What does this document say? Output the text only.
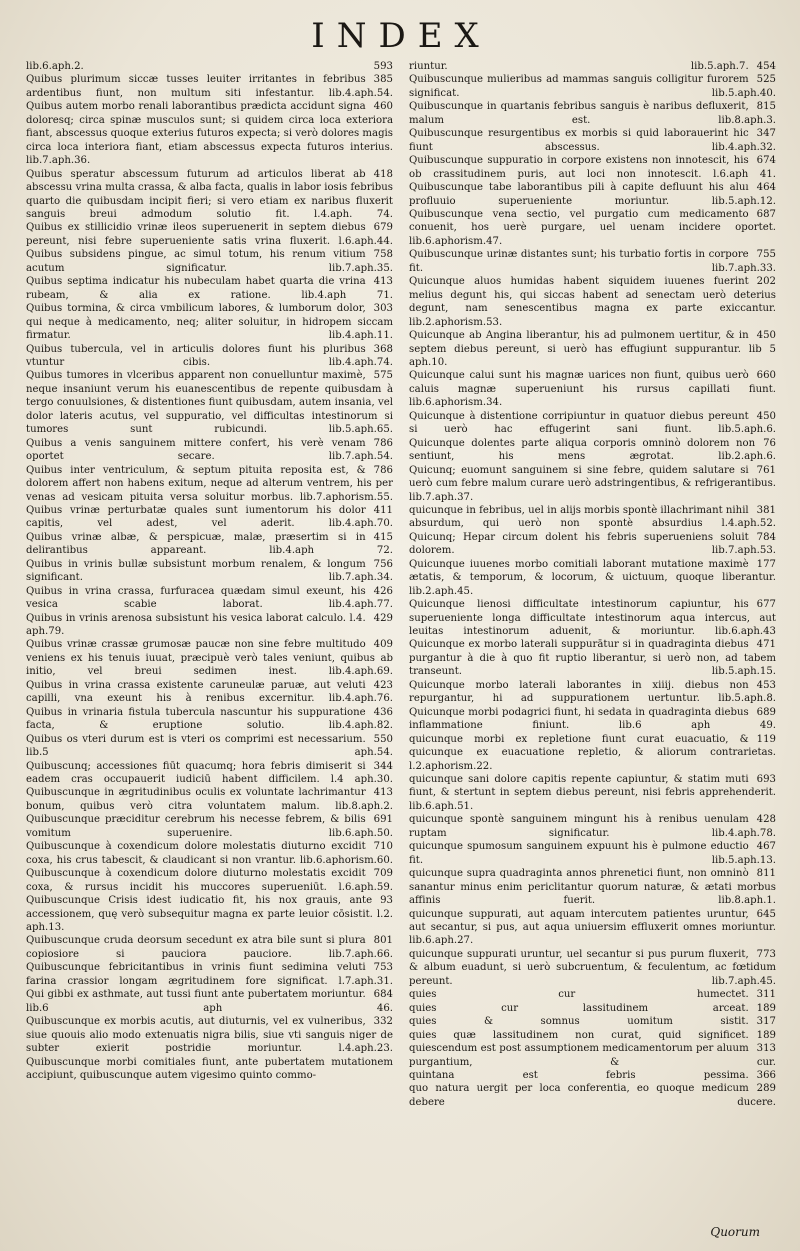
INDEX
593
lib.6.aph.2.
385
Quibus plurimum siccæ tusses leuiter irritantes in febribus ardentibus fiunt, non multum siti infestantur. lib.4.aph.54.
460
Quibus autem morbo renali laborantibus prædicta accidunt signa doloresq; circa spinæ musculos sunt; si quidem circa loca exteriora fiant, abscessus quoque exterius futuros expecta; si verò dolores magis circa loca interiora fiant, etiam abscessus expecta futuros interius. lib.7.aph.36.
418
Quibus speratur abscessum futurum ad articulos liberat ab abscessu vrina multa crassa, & alba facta, qualis in labor iosis febribus quarto die quibusdam incipit fieri; si vero etiam ex naribus fluxerit sanguis breui admodum solutio fit. l.4.aph. 74.
679
Quibus ex stillicidio vrinæ ileos superuenerit in septem diebus pereunt, nisi febre superueniente satis vrina fluxerit. l.6.aph.44.
758
Quibus subsidens pingue, ac simul totum, his renum vitium acutum significatur. lib.7.aph.35.
413
Quibus septima indicatur his nubeculam habet quarta die vrina rubeam, & alia ex ratione. lib.4.aph 71.
303
Quibus tormina, & circa vmbilicum labores, & lumborum dolor, qui neque à medicamento, neq; aliter soluitur, in hidropem siccam firmatur. lib.4.aph.11.
368
Quibus tubercula, vel in articulis dolores fiunt his pluribus vtuntur cibis. lib.4.aph.74.
575
Quibus tumores in vlceribus apparent non conuelluntur maximè, neque insaniunt verum his euanescentibus de repente quibusdam à tergo conuulsiones, & distentiones fiunt quibusdam, autem insania, vel dolor lateris acutus, vel suppuratio, vel difficultas intestinorum si tumores sunt rubicundi. lib.5.aph.65.
786
Quibus a venis sanguinem mittere confert, his verè venam oportet secare. lib.7.aph.54.
786
Quibus inter ventriculum, & septum pituita reposita est, & dolorem affert non habens exitum, neque ad alterum ventrem, his per venas ad vesicam pituita versa soluitur morbus. lib.7.aphorism.55.
411
Quibus vrinæ perturbatæ quales sunt iumentorum his dolor capitis, vel adest, vel aderit. lib.4.aph.70.
415
Quibus vrinæ albæ, & perspicuæ, malæ, præsertim si in delirantibus appareant. lib.4.aph 72.
756
Quibus in vrinis bullæ subsistunt morbum renalem, & longum significant. lib.7.aph.34.
426
Quibus in vrina crassa, furfuracea quædam simul exeunt, his vesica scabie laborat. lib.4.aph.77.
429
Quibus in vrinis arenosa subsistunt his vesica laborat calculo. l.4. aph.79.
409
Quibus vrinæ crassæ grumosæ paucæ non sine febre multitudo veniens ex his tenuis iuuat, præcipuè verò tales veniunt, quibus ab initio, vel breui sedimen inest. lib.4.aph.69.
423
Quibus in vrina crassa existente caruneulæ paruæ, aut veluti capilli, vna exeunt his à renibus excernitur. lib.4.aph.76.
436
Quibus in vrinaria fistula tubercula nascuntur his suppuratione facta, & eruptione solutio. lib.4.aph.82.
550
Quibus os vteri durum est is vteri os comprimi est necessarium. lib.5 aph.54.
344
Quibuscunq; accessiones fiūt quacumq; hora febris dimiserit si eadem cras occupauerit iudiciū habent difficilem. l.4 aph.30.
413
Quibuscunque in ægritudinibus oculis ex voluntate lachrimantur bonum, quibus verò citra voluntatem malum. lib.8.aph.2.
691
Quibuscunque præciditur cerebrum his necesse febrem, & bilis vomitum superuenire. lib.6.aph.50.
710
Quibuscunque à coxendicum dolore molestatis diuturno excidit coxa, his crus tabescit, & claudicant si non vrantur. lib.6.aphorism.60.
709
Quibuscunque à coxendicum dolore diuturno molestatis excidit coxa, & rursus incidit his muccores superueniūt. l.6.aph.59.
93
Quibuscunque Crisis idest iudicatio fit, his nox grauis, ante accessionem, quę verò subsequitur magna ex parte leuior cōsistit. l.2. aph.13.
801
Quibuscunque cruda deorsum secedunt ex atra bile sunt si plura copiosiore si pauciora pauciore. lib.7.aph.66.
753
Quibuscunque febricitantibus in vrinis fiunt sedimina veluti farina crassior longam ægritudinem fore significat. l.7.aph.31.
684
Qui gibbi ex asthmate, aut tussi fiunt ante pubertatem moriuntur. lib.6 aph 46.
332
Quibuscunque ex morbis acutis, aut diuturnis, vel ex vulneribus, siue quouis alio modo extenuatis nigra bilis, siue vti sanguis niger de subter exierit postridie moriuntur. l.4.aph.23.
Quibuscunque morbi comitiales fiunt, ante pubertatem mutationem accipiunt, quibuscunque autem vigesimo quinto commo-
454
riuntur. lib.5.aph.7.
525
Quibuscunque mulieribus ad mammas sanguis colligitur furorem significat. lib.5.aph.40.
815
Quibuscunque in quartanis febribus sanguis è naribus defluxerit, malum est. lib.8.aph.3.
347
Quibuscunque resurgentibus ex morbis si quid laborauerint hic fiunt abscessus. lib.4.aph.32.
674
Quibuscunque suppuratio in corpore existens non innotescit, his ob crassitudinem puris, aut loci non innotescit. l.6.aph 41.
464
Quibuscunque tabe laborantibus pili à capite defluunt his aluı profluuio superueniente moriuntur. lib.5.aph.12.
687
Quibuscunque vena sectio, vel purgatio cum medicamento conuenit, hos uerè purgare, uel uenam incidere oportet. lib.6.aphorism.47.
755
Quibuscunque urinæ distantes sunt; his turbatio fortis in corpore fit. lib.7.aph.33.
202
Quicunque aluos humidas habent siquidem iuuenes fuerint melius degunt his, qui siccas habent ad senectam uerò deterius degunt, nam senescentibus magna ex parte exiccantur. lib.2.aphorism.53.
450
Quicunque ab Angina liberantur, his ad pulmonem uertitur, & in septem diebus pereunt, si uerò has effugiunt suppurantur. lib 5 aph.10.
660
Quicunque calui sunt his magnæ uarices non fiunt, quibus uerò caluis magnæ superueniunt his rursus capillati fiunt. lib.6.aphorism.34.
450
Quicunque à distentione corripiuntur in quatuor diebus pereunt si uerò hac effugerint sani fiunt. lib.5.aph.6.
76
Quicunque dolentes parte aliqua corporis omninò dolorem non sentiunt, his mens ægrotat. lib.2.aph.6.
761
Quicunq; euomunt sanguinem si sine febre, quidem salutare si uerò cum febre malum curare uerò adstringentibus, & refrigerantibus. lib.7.aph.37.
381
quicunque in febribus, uel in alijs morbis spontè illachrimant nihil absurdum, qui uerò non spontè absurdius l.4.aph.52.
784
Quicunq; Hepar circum dolent his febris superueniens soluit dolorem. lib.7.aph.53.
177
Quicunque iuuenes morbo comitiali laborant mutatione maximè ætatis, & temporum, & locorum, & uictuum, quoque liberantur. lib.2.aph.45.
677
Quicunque lienosi difficultate intestinorum capiuntur, his superueniente longa difficultate intestinorum aqua intercus, aut leuitas intestinorum aduenit, & moriuntur. lib.6.aph.43
471
Quicunque ex morbo laterali suppurātur si in quadraginta diebus purgantur à die à quo fit ruptio liberantur, si uerò non, ad tabem transeunt. lib.5.aph.15.
453
Quicunque morbo laterali laborantes in xiiij. diebus non repurgantur, hi ad suppurationem uertuntur. lib.5.aph.8.
689
Quicunque morbi podagrici fiunt, hi sedata in quadraginta diebus inflammatione finiunt. lib.6 aph 49.
119
quicunque morbi ex repletione fiunt curat euacuatio, & quicunque ex euacuatione repletio, & aliorum contrarietas. l.2.aphorism.22.
693
quicunque sani dolore capitis repente capiuntur, & statim muti fiunt, & stertunt in septem diebus pereunt, nisi febris apprehenderit. lib.6.aph.51.
428
quicunque spontè sanguinem mingunt his à renibus uenulam ruptam significatur. lib.4.aph.78.
467
quicunque spumosum sanguinem expuunt his è pulmone eductio fit. lib.5.aph.13.
811
quicunque supra quadraginta annos phrenetici fiunt, non omninò sanantur minus enim periclitantur quorum naturæ, & ætati morbus affinis fuerit. lib.8.aph.1.
645
quicunque suppurati, aut aquam intercutem patientes uruntur, aut secantur, si pus, aut aqua uniuersim effluxerit omnes moriuntur. lib.6.aph.27.
773
quicunque suppurati uruntur, uel secantur si pus purum fluxerit, & album euadunt, si uerò subcruentum, & feculentum, ac fœtidum pereunt. lib.7.aph.45.
311
quies cur humectet.
189
quies cur lassitudinem arceat.
317
quies & somnus uomitum sistit.
189
quies quæ lassitudinem non curat, quid significet.
313
quiescendum est post assumptionem medicamentorum per aluum purgantium, & cur.
366
quintana est febris pessima.
289
quo natura uergit per loca conferentia, eo quoque medicum debere ducere.
Quorum
